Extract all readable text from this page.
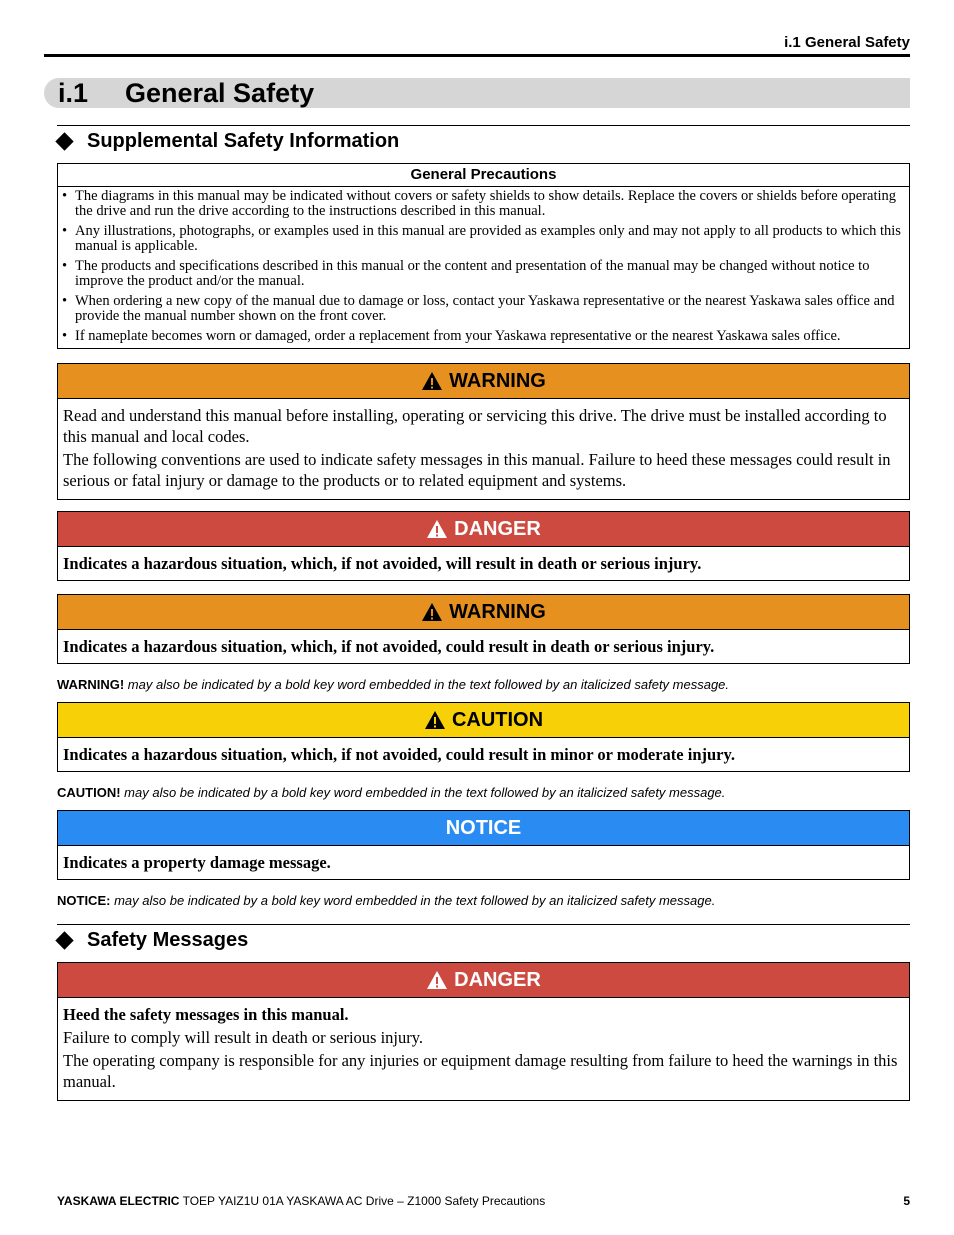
i.1 General Safety
i.1 General Safety
Supplemental Safety Information
General Precautions
• The diagrams in this manual may be indicated without covers or safety shields to show details. Replace the covers or shields before operating the drive and run the drive according to the instructions described in this manual.
• Any illustrations, photographs, or examples used in this manual are provided as examples only and may not apply to all products to which this manual is applicable.
• The products and specifications described in this manual or the content and presentation of the manual may be changed without notice to improve the product and/or the manual.
• When ordering a new copy of the manual due to damage or loss, contact your Yaskawa representative or the nearest Yaskawa sales office and provide the manual number shown on the front cover.
• If nameplate becomes worn or damaged, order a replacement from your Yaskawa representative or the nearest Yaskawa sales office.
WARNING

Read and understand this manual before installing, operating or servicing this drive. The drive must be installed according to this manual and local codes.

The following conventions are used to indicate safety messages in this manual. Failure to heed these messages could result in serious or fatal injury or damage to the products or to related equipment and systems.

DANGER
Indicates a hazardous situation, which, if not avoided, will result in death or serious injury.
WARNING
Indicates a hazardous situation, which, if not avoided, could result in death or serious injury.
WARNING! may also be indicated by a bold key word embedded in the text followed by an italicized safety message.
CAUTION
Indicates a hazardous situation, which, if not avoided, could result in minor or moderate injury.
CAUTION! may also be indicated by a bold key word embedded in the text followed by an italicized safety message.
NOTICE
Indicates a property damage message.
NOTICE: may also be indicated by a bold key word embedded in the text followed by an italicized safety message.
Safety Messages
DANGER

Heed the safety messages in this manual.

Failure to comply will result in death or serious injury.

The operating company is responsible for any injuries or equipment damage resulting from failure to heed the warnings in this manual.

YASKAWA ELECTRIC TOEP YAIZ1U 01A YASKAWA AC Drive – Z1000 Safety Precautions	5
